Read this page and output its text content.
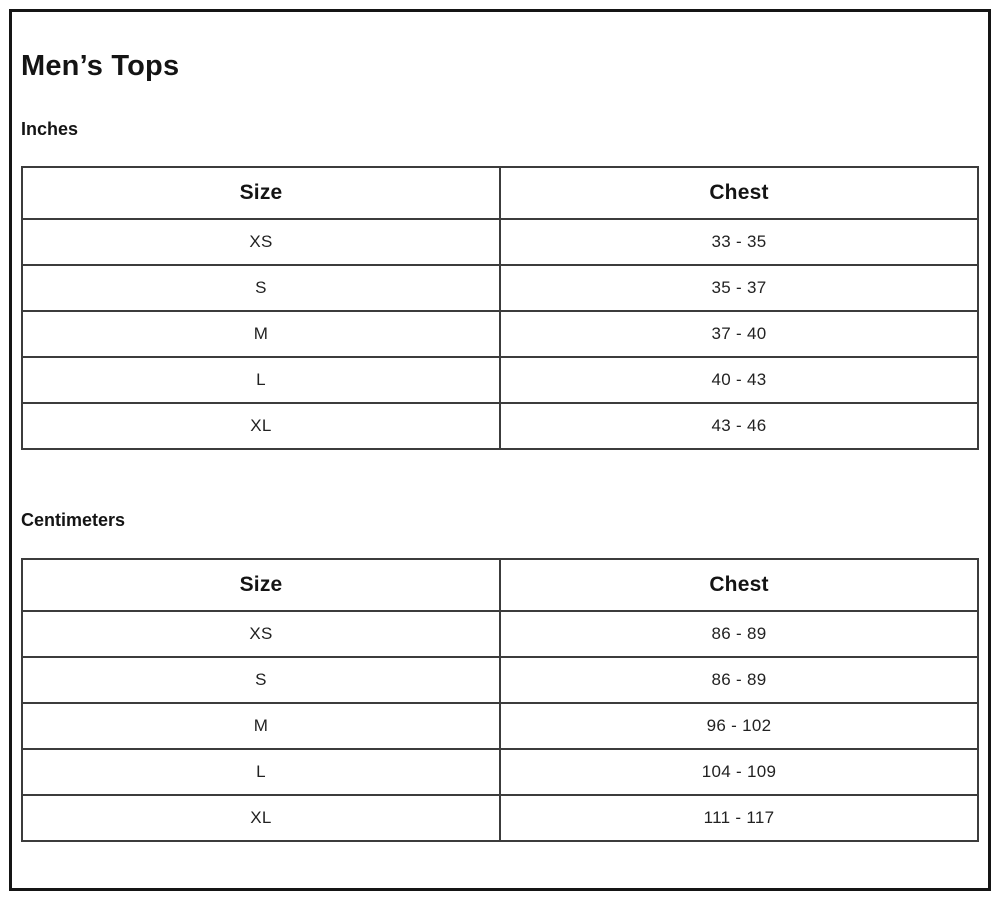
Men’s Tops
Inches
Size	Chest
XS	33 - 35
S	35 - 37
M	37 - 40
L	40 - 43
XL	43 - 46
Centimeters
Size	Chest
XS	86 - 89
S	86 - 89
M	96 - 102
L	104 - 109
XL	111 - 117
